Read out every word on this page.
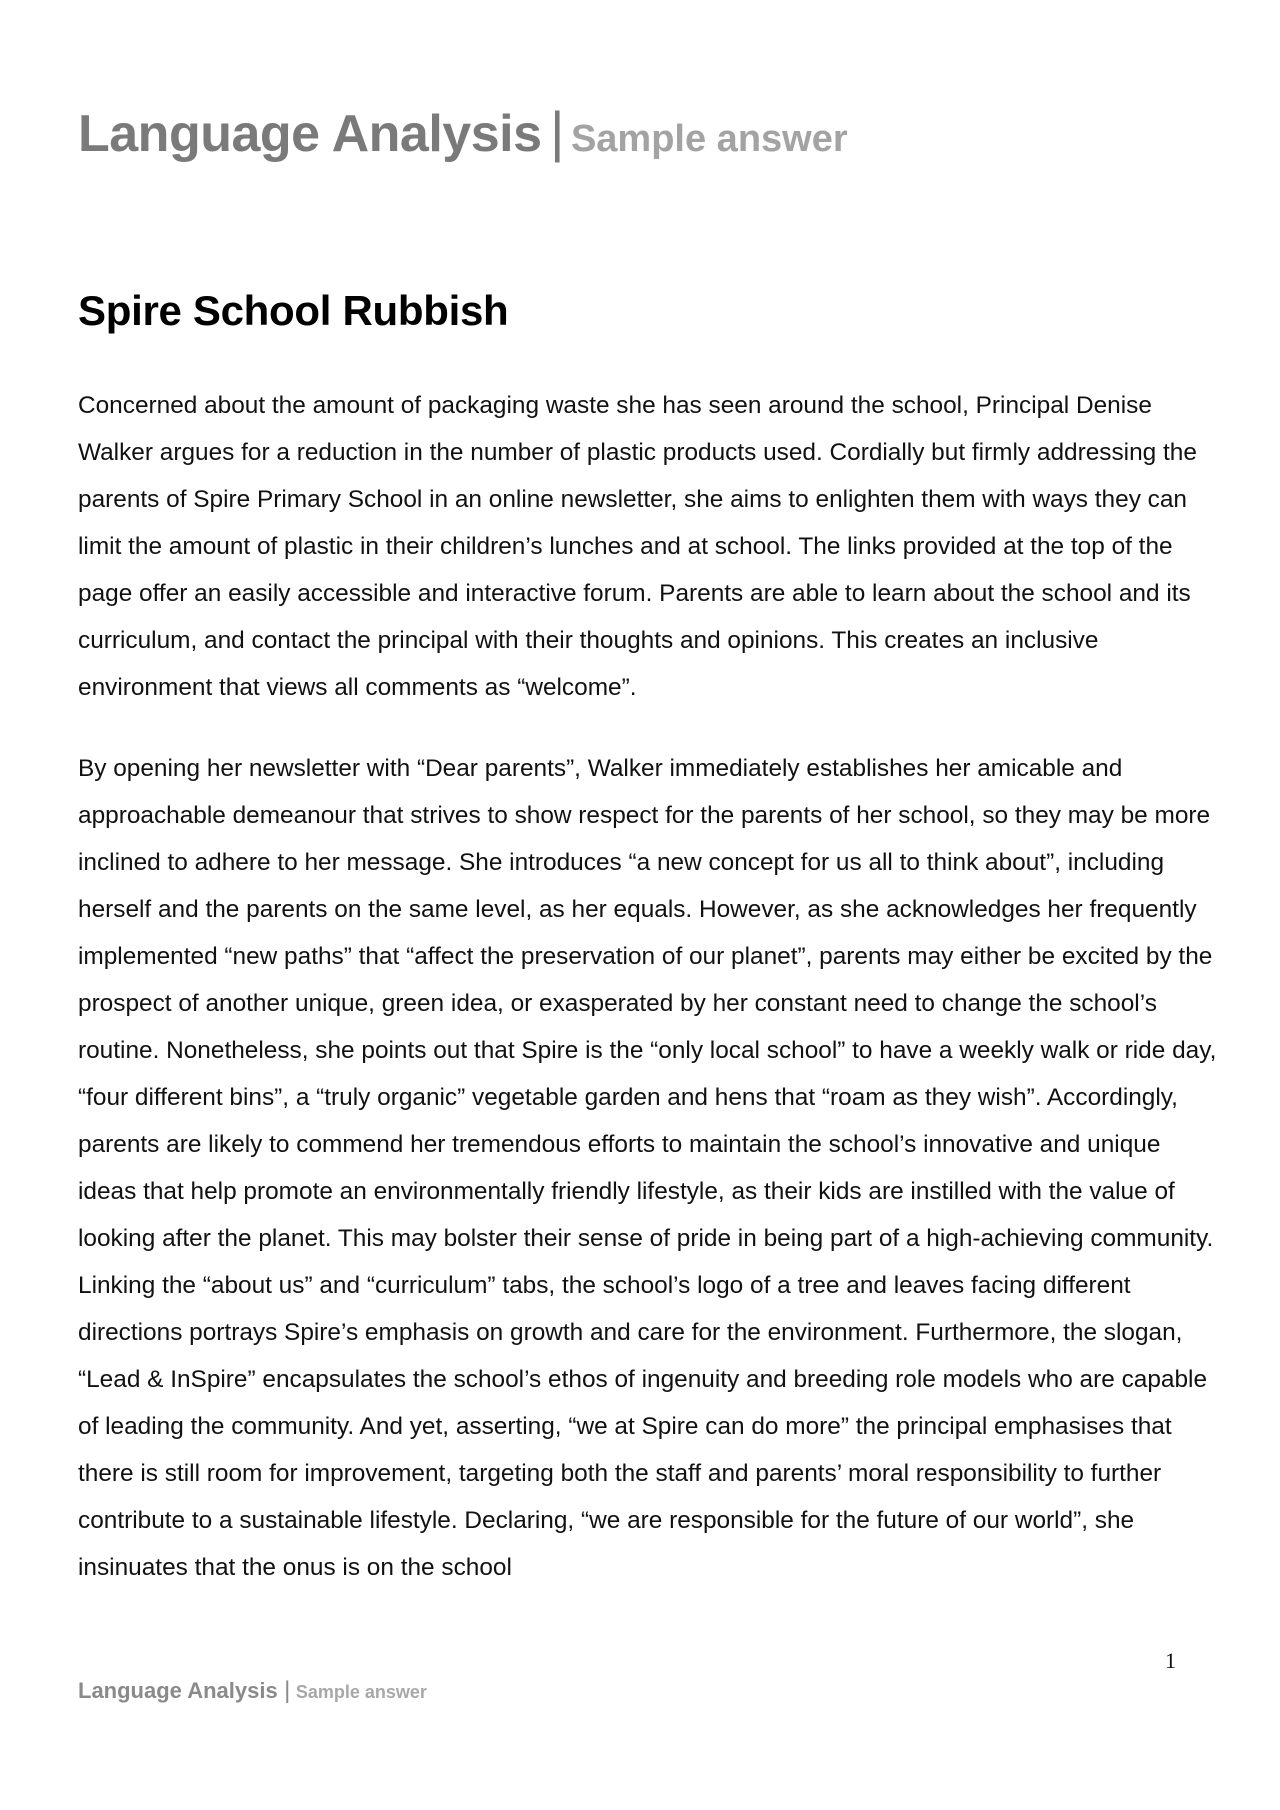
Language Analysis | Sample answer
Spire School Rubbish

Concerned about the amount of packaging waste she has seen around the school, Principal Denise Walker argues for a reduction in the number of plastic products used. Cordially but firmly addressing the parents of Spire Primary School in an online newsletter, she aims to enlighten them with ways they can limit the amount of plastic in their children’s lunches and at school. The links provided at the top of the page offer an easily accessible and interactive forum. Parents are able to learn about the school and its curriculum, and contact the principal with their thoughts and opinions. This creates an inclusive environment that views all comments as “welcome”.

By opening her newsletter with “Dear parents”, Walker immediately establishes her amicable and approachable demeanour that strives to show respect for the parents of her school, so they may be more inclined to adhere to her message. She introduces “a new concept for us all to think about”, including herself and the parents on the same level, as her equals. However, as she acknowledges her frequently implemented “new paths” that “affect the preservation of our planet”, parents may either be excited by the prospect of another unique, green idea, or exasperated by her constant need to change the school’s routine. Nonetheless, she points out that Spire is the “only local school” to have a weekly walk or ride day, “four different bins”, a “truly organic” vegetable garden and hens that “roam as they wish”. Accordingly, parents are likely to commend her tremendous efforts to maintain the school’s innovative and unique ideas that help promote an environmentally friendly lifestyle, as their kids are instilled with the value of looking after the planet. This may bolster their sense of pride in being part of a high-achieving community. Linking the “about us” and “curriculum” tabs, the school’s logo of a tree and leaves facing different directions portrays Spire’s emphasis on growth and care for the environment. Furthermore, the slogan, “Lead & InSpire” encapsulates the school’s ethos of ingenuity and breeding role models who are capable of leading the community. And yet, asserting, “we at Spire can do more” the principal emphasises that there is still room for improvement, targeting both the staff and parents’ moral responsibility to further contribute to a sustainable lifestyle. Declaring, “we are responsible for the future of our world”, she insinuates that the onus is on the school

1
Language Analysis | Sample answer
